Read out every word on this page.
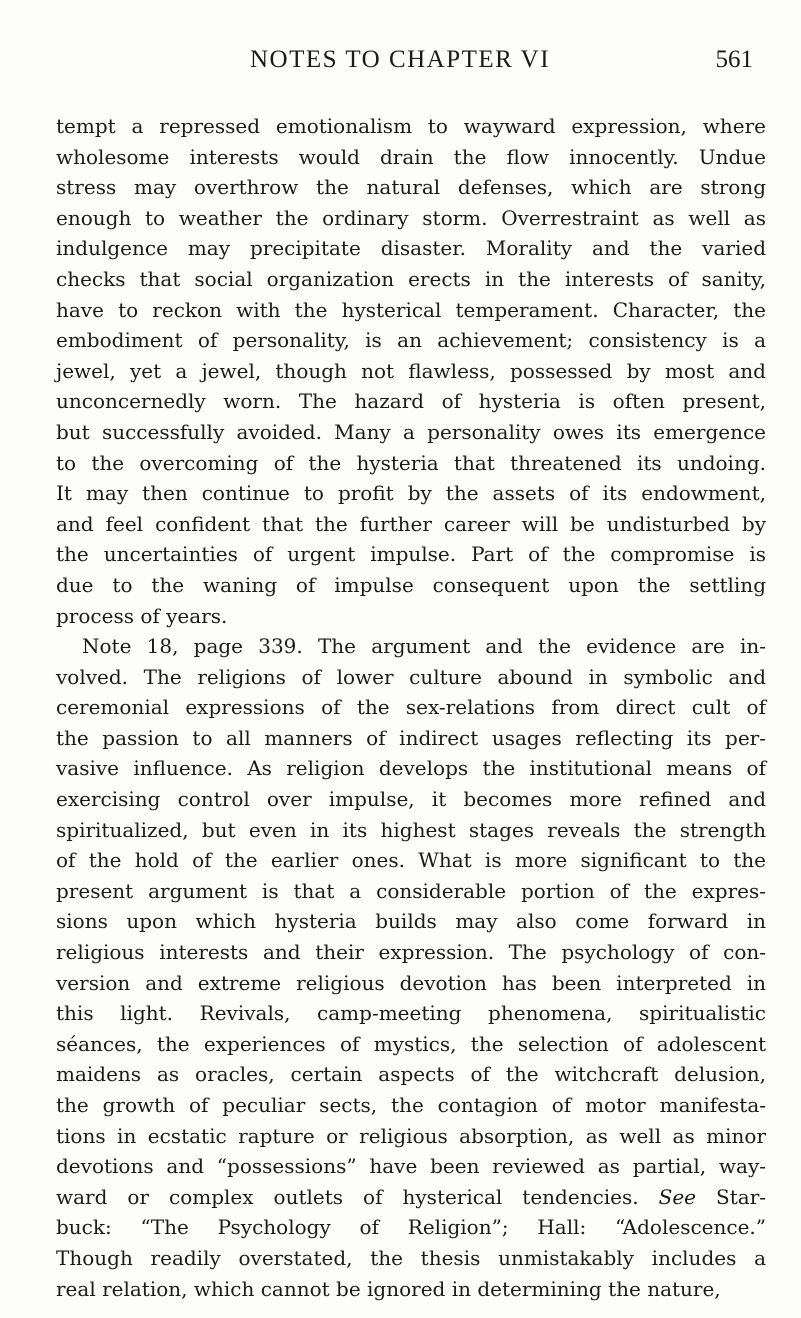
NOTES TO CHAPTER VI	561
tempt a repressed emotionalism to wayward expression, where
wholesome interests would drain the flow innocently. Undue
stress may overthrow the natural defenses, which are strong
enough to weather the ordinary storm. Overrestraint as well as
indulgence may precipitate disaster. Morality and the varied
checks that social organization erects in the interests of sanity,
have to reckon with the hysterical temperament. Character, the
embodiment of personality, is an achievement; consistency is a
jewel, yet a jewel, though not flawless, possessed by most and
unconcernedly worn. The hazard of hysteria is often present,
but successfully avoided. Many a personality owes its emergence
to the overcoming of the hysteria that threatened its undoing.
It may then continue to profit by the assets of its endowment,
and feel confident that the further career will be undisturbed by
the uncertainties of urgent impulse. Part of the compromise is
due to the waning of impulse consequent upon the settling
process of years.
Note 18, page 339. The argument and the evidence are in-
volved. The religions of lower culture abound in symbolic and
ceremonial expressions of the sex-relations from direct cult of
the passion to all manners of indirect usages reflecting its per-
vasive influence. As religion develops the institutional means of
exercising control over impulse, it becomes more refined and
spiritualized, but even in its highest stages reveals the strength
of the hold of the earlier ones. What is more significant to the
present argument is that a considerable portion of the expres-
sions upon which hysteria builds may also come forward in
religious interests and their expression. The psychology of con-
version and extreme religious devotion has been interpreted in
this light. Revivals, camp-meeting phenomena, spiritualistic
séances, the experiences of mystics, the selection of adolescent
maidens as oracles, certain aspects of the witchcraft delusion,
the growth of peculiar sects, the contagion of motor manifesta-
tions in ecstatic rapture or religious absorption, as well as minor
devotions and “possessions” have been reviewed as partial, way-
ward or complex outlets of hysterical tendencies. See Star-
buck: “The Psychology of Religion”; Hall: “Adolescence.”
Though readily overstated, the thesis unmistakably includes a
real relation, which cannot be ignored in determining the nature,
